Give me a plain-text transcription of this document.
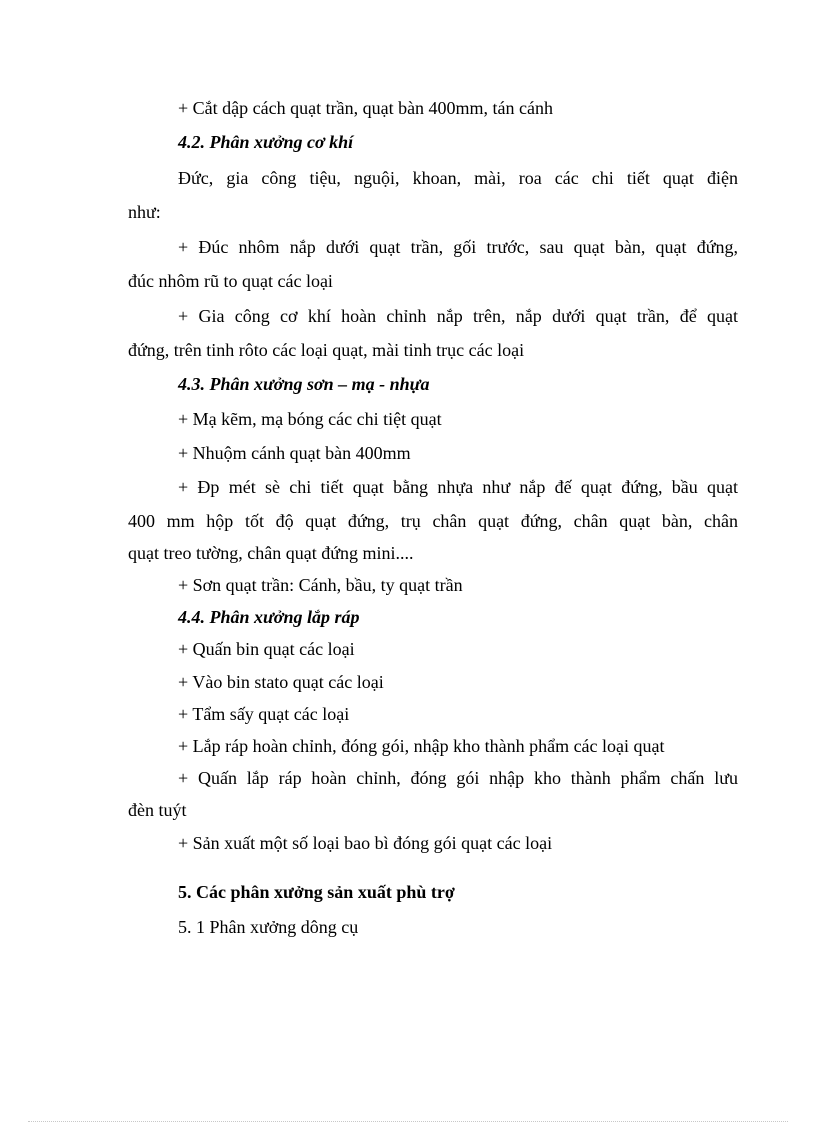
+ Cắt dập cách quạt trần, quạt bàn 400mm, tán cánh
4.2. Phân xưởng cơ khí
Đức, gia công tiệu, nguội, khoan, mài, roa các chi tiết quạt điện
như:
+ Đúc nhôm nắp dưới quạt trần, gối trước, sau quạt bàn, quạt đứng,
đúc nhôm rũ to quạt các loại
+ Gia công cơ khí hoàn chỉnh nắp trên, nắp dưới quạt trần, để quạt
đứng, trên tinh rôto các loại quạt, mài tinh trục các loại
4.3. Phân xưởng sơn – mạ - nhựa
+ Mạ kẽm, mạ bóng các chi tiệt quạt
+ Nhuộm cánh quạt bàn 400mm
+ Đp mét sè chi tiết quạt bằng nhựa như nắp đế quạt đứng, bầu quạt
400 mm hộp tốt độ quạt đứng, trụ chân quạt đứng, chân quạt bàn, chân
quạt treo tường, chân quạt đứng mini....
+ Sơn quạt trần: Cánh, bầu, ty quạt trần
4.4. Phân xưởng lắp ráp
+ Quấn bin quạt các loại
+ Vào bin stato quạt các loại
+ Tẩm sấy quạt các loại
+ Lắp ráp hoàn chỉnh, đóng gói, nhập kho thành phẩm các loại quạt
+ Quấn lắp ráp hoàn chỉnh, đóng gói nhập kho thành phẩm chấn lưu
đèn tuýt
+ Sản xuất một số loại bao bì đóng gói quạt các loại
5. Các phân xưởng sản xuất phù trợ
5. 1 Phân xưởng dông cụ
